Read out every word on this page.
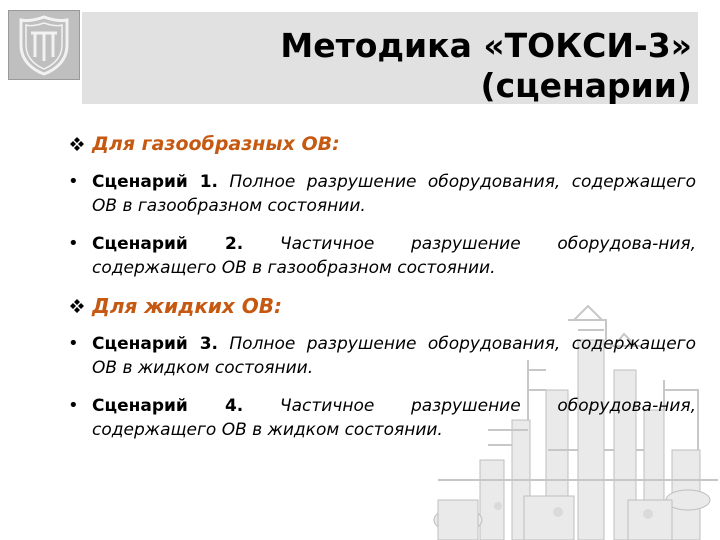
Методика «ТОКСИ-3»
(сценарии)
Для газообразных ОВ:
• Сценарий 1. Полное разрушение оборудования, содержащего ОВ в газообразном состоянии.
• Сценарий 2. Частичное разрушение оборудова-ния, содержащего ОВ в газообразном состоянии.
Для жидких ОВ:
• Сценарий 3. Полное разрушение оборудования, содержащего ОВ в жидком состоянии.
• Сценарий 4. Частичное разрушение оборудова-ния, содержащего ОВ в жидком состоянии.
